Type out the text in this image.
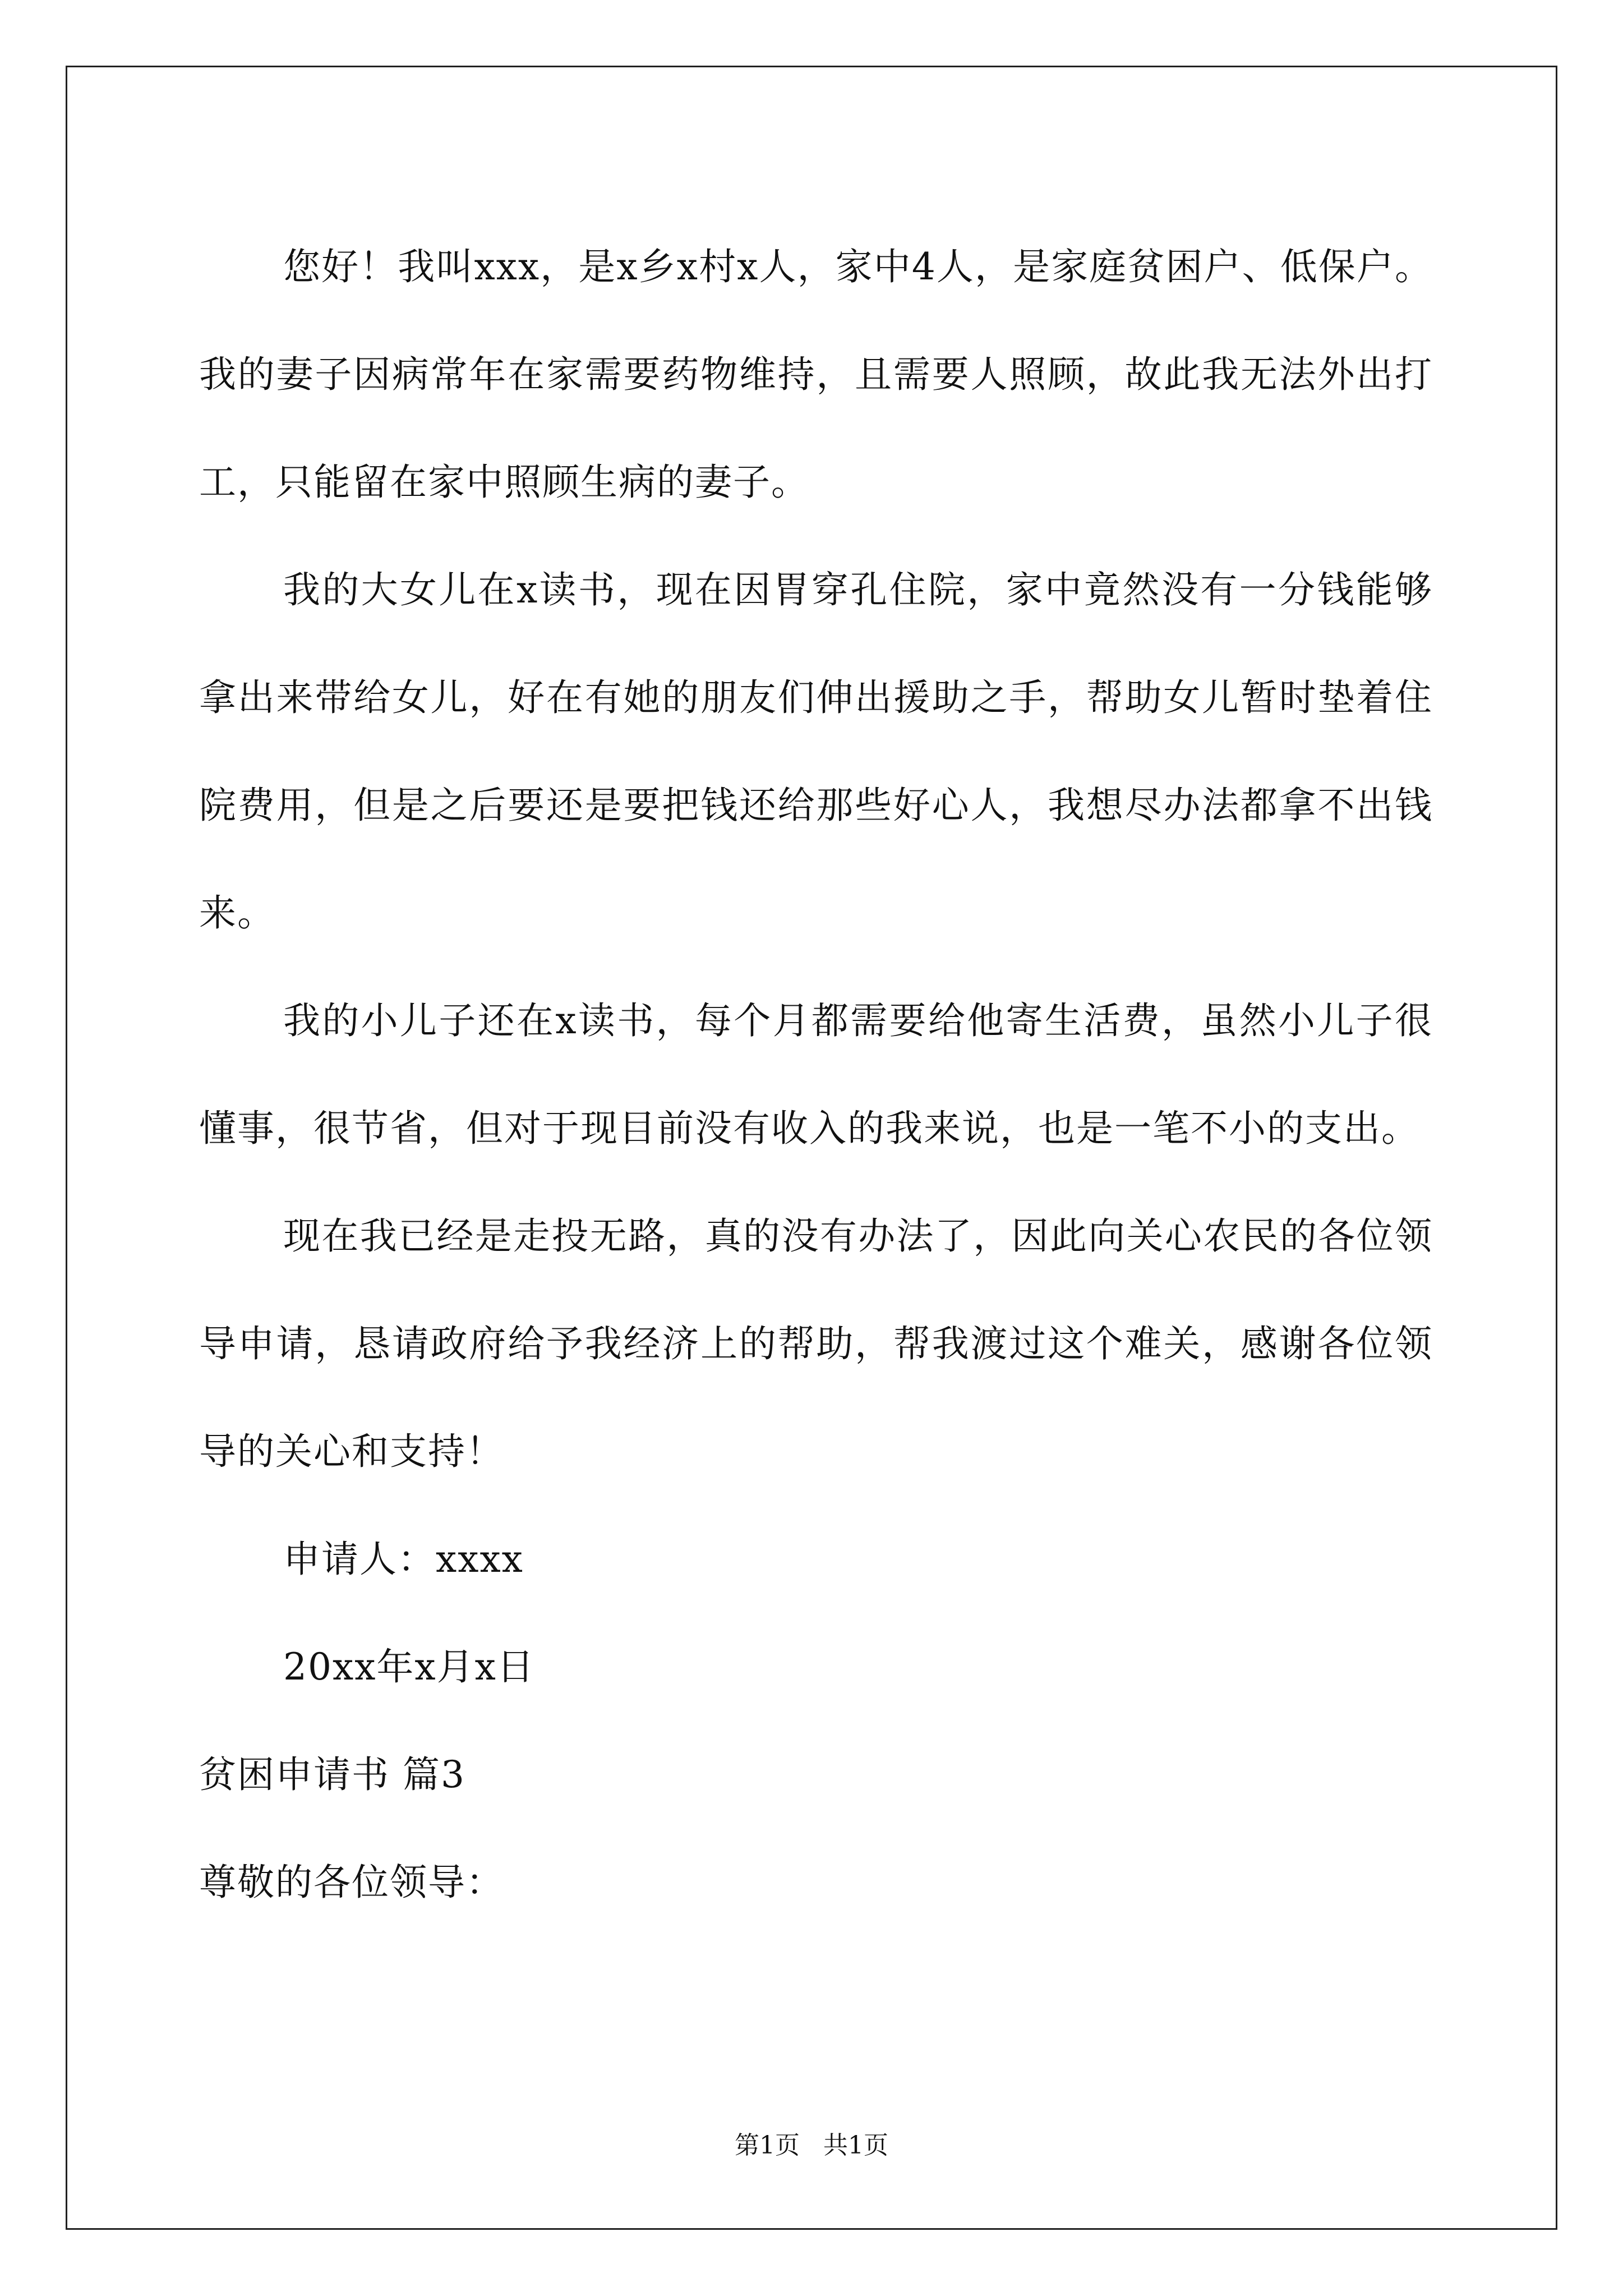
您好！我叫xxx，是x乡x村x人，家中4人，是家庭贫困户、低保户。 我的妻子因病常年在家需要药物维持，且需要人照顾，故此我无法外出打工，只能留在家中照顾生病的妻子。

我的大女儿在x读书，现在因胃穿孔住院，家中竟然没有一分钱能够拿出来带给女儿，好在有她的朋友们伸出援助之手，帮助女儿暂时垫着住院费用，但是之后要还是要把钱还给那些好心人，我想尽办法都拿不出钱来。

我的小儿子还在x读书，每个月都需要给他寄生活费，虽然小儿子很懂事，很节省，但对于现目前没有收入的我来说，也是一笔不小的支出。

现在我已经是走投无路，真的没有办法了，因此向关心农民的各位领导申请，恳请政府给予我经济上的帮助，帮我渡过这个难关，感谢各位领导的关心和支持！

申请人：xxxx

20xx年x月x日

贫困申请书 篇3

尊敬的各位领导：

第1页 共1页
